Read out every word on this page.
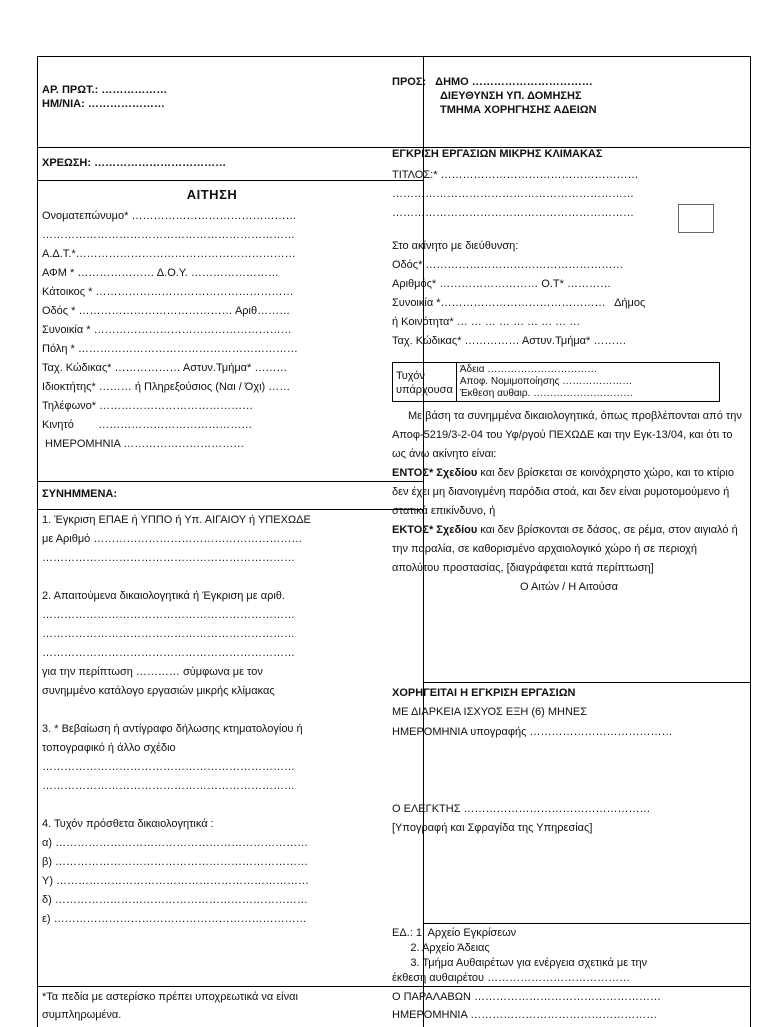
ΑΡ. ΠΡΩΤ.: ………………
ΗΜ/ΝΙΑ: …………………
ΧΡΕΩΣΗ: ………………………………
ΑΙΤΗΣΗ
Ονοματεπώνυμο* ………………………………………
……………………………………………………………
Α.Δ.Τ.*……………………………………………………
ΑΦΜ * ………………… Δ.Ο.Υ. ……………………
Κάτοικος * ………………………………………………
Οδός * …………………………………… Αριθ………
Συνοικία * ………………………………………………
Πόλη * ……………………………………………………
Ταχ. Κώδικας* ……………… Αστυν.Τμήμα* ………
Ιδιοκτήτης* ……… ή Πληρεξούσιος (Ναι / Όχι) ……
Τηλέφωνο* ……………………………………
Κινητό        ……………………………………
ΗΜΕΡΟΜΗΝΙΑ ……………………………
ΣΥΝΗΜΜΕΝΑ:
1. Έγκριση ΕΠΑΕ ή ΥΠΠΟ ή Υπ. ΑΙΓΑΙΟΥ ή ΥΠΕΧΩΔΕ
με Αριθμό …………………………………………………
……………………………………………………………
2. Απαιτούμενα δικαιολογητικά ή Έγκριση με αριθ.
……………………………………………………………
……………………………………………………………
……………………………………………………………
για την περίπτωση ………… σύμφωνα με τον
συνημμένο κατάλογο εργασιών μικρής κλίμακας
3. * Βεβαίωση ή αντίγραφο δήλωσης κτηματολογίου ή
τοπογραφικό ή άλλο σχέδιο
……………………………………………………………
……………………………………………………………
4. Τυχόν πρόσθετα δικαιολογητικά :
α) ……………………………………………………………
β) ……………………………………………………………
Υ) ……………………………………………………………
δ) ……………………………………………………………
ε) ……………………………………………………………
*Τα πεδία με αστερίσκο πρέπει υποχρεωτικά να είναι
συμπληρωμένα.
ΠΡΟΣ: ΔΗΜΟ ……………………………
ΔΙΕΥΘΥΝΣΗ ΥΠ. ΔΟΜΗΣΗΣ
ΤΜΗΜΑ ΧΟΡΗΓΗΣΗΣ ΑΔΕΙΩΝ
ΕΓΚΡΙΣΗ ΕΡΓΑΣΙΩΝ ΜΙΚΡΗΣ ΚΛΙΜΑΚΑΣ
ΤΙΤΛΟΣ:* ………………………………………………
…………………………………………………………
…………………………………………………………
Στο ακίνητο με διεύθυνση:
Οδός* ………………………………………………
Αριθμός* ……………………… Ο.Τ* …………
Συνοικία *………………………………………   Δήμος
ή Κοινότητα* … … … … … … … … …
Ταχ. Κώδικας* …………… Αστυν.Τμήμα* ………
Τυχόν υπάρχουσα	
Άδεια ……………………………
Αποφ. Νομιμοποίησης …………………
Έκθεση αυθαιρ. …………………………
Με βάση τα συνημμένα δικαιολογητικά, όπως προβλέπονται από την Αποφ-5219/3-2-04 του Υφ/ργού ΠΕΧΩΔΕ και την Εγκ-13/04, και ότι το ως άνω ακίνητο είναι:
ΕΝΤΟΣ* Σχεδίου και δεν βρίσκεται σε κοινόχρηστο χώρο, και το κτίριο δεν έχει μη διανοιγμένη παρόδια στοά, και δεν είναι ρυμοτομούμενο ή στατικά επικίνδυνο, ή
ΕΚΤΟΣ* Σχεδίου και δεν βρίσκονται σε δάσος, σε ρέμα, στον αιγιαλό ή την παραλία, σε καθορισμένο αρχαιολογικό χώρο ή σε περιοχή απολύτου προστασίας, [διαγράφεται κατά περίπτωση]
Ο Αιτών / Η Αιτούσα
ΧΟΡΗΓΕΙΤΑΙ Η ΕΓΚΡΙΣΗ ΕΡΓΑΣΙΩΝ
ΜΕ ΔΙΑΡΚΕΙΑ ΙΣΧΥΟΣ ΕΞΗ (6) ΜΗΝΕΣ
ΗΜΕΡΟΜΗΝΙΑ υπογραφής …………………………………
Ο ΕΛΕΓΚΤΗΣ ……………………………………………
[Υπογραφή και Σφραγίδα της Υπηρεσίας]
ΕΔ.: 1. Αρχείο Εγκρίσεων
2. Αρχείο Άδειας
3. Τμήμα Αυθαιρέτων για ενέργεια σχετικά με την
έκθεση αυθαιρέτου …………………………………
Ο ΠΑΡΑΛΑΒΩΝ ……………………………………………
ΗΜΕΡΟΜΗΝΙΑ ……………………………………………
